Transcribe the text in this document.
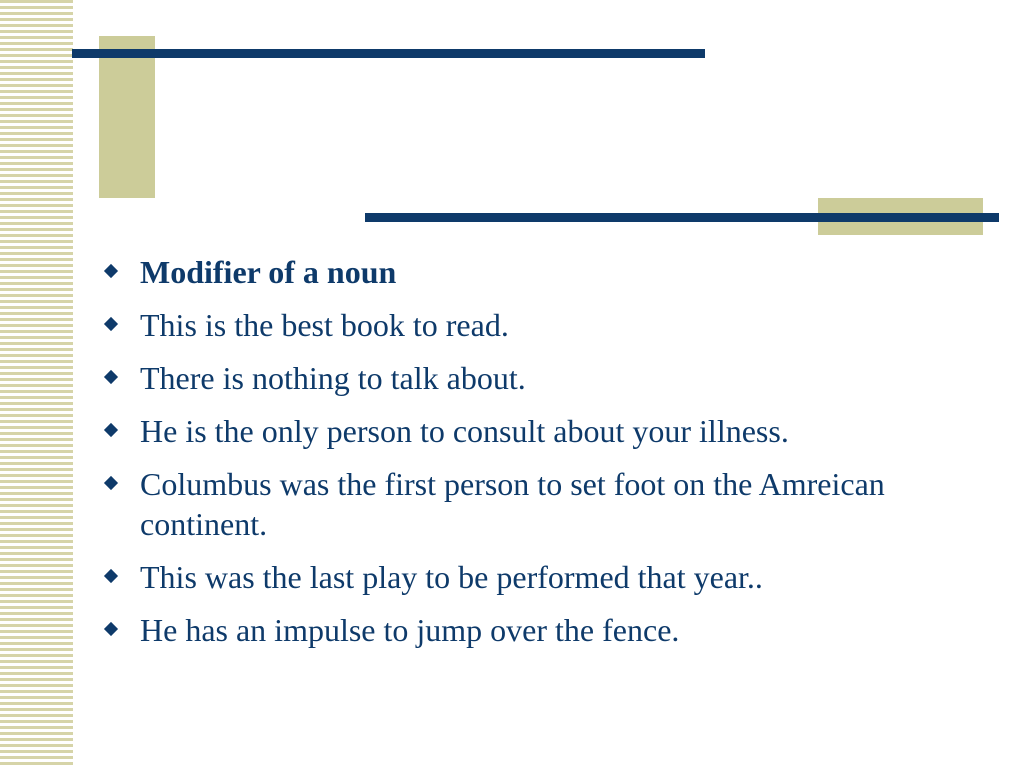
Modifier of a noun
This is the best book to read.
There is nothing to talk about.
He is the only person to consult about your illness.
Columbus was the first person to set foot on the Amreican continent.
This was the last play to be performed that year..
He has an impulse to jump over the fence.
